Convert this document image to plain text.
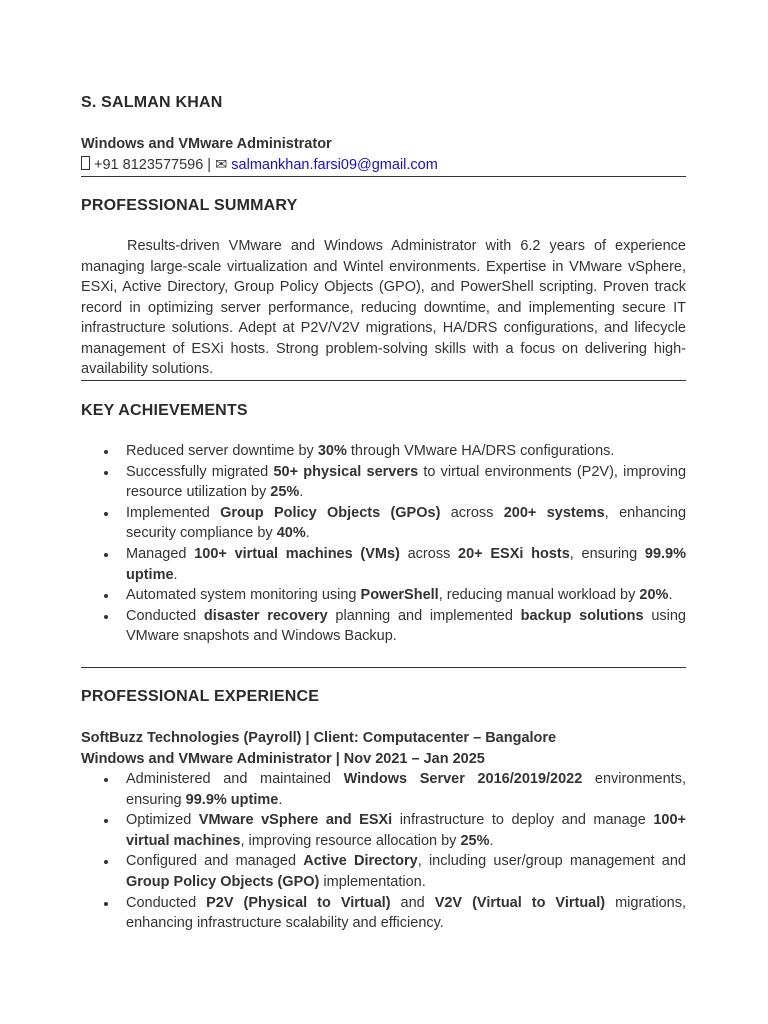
S. SALMAN KHAN
Windows and VMware Administrator
+91 8123577596 | ✉ salmankhan.farsi09@gmail.com
PROFESSIONAL SUMMARY

Results-driven VMware and Windows Administrator with 6.2 years of experience managing large-scale virtualization and Wintel environments. Expertise in VMware vSphere, ESXi, Active Directory, Group Policy Objects (GPO), and PowerShell scripting. Proven track record in optimizing server performance, reducing downtime, and implementing secure IT infrastructure solutions. Adept at P2V/V2V migrations, HA/DRS configurations, and lifecycle management of ESXi hosts. Strong problem-solving skills with a focus on delivering high-availability solutions.

KEY ACHIEVEMENTS
Reduced server downtime by 30% through VMware HA/DRS configurations.
Successfully migrated 50+ physical servers to virtual environments (P2V), improving resource utilization by 25%.
Implemented Group Policy Objects (GPOs) across 200+ systems, enhancing security compliance by 40%.
Managed 100+ virtual machines (VMs) across 20+ ESXi hosts, ensuring 99.9% uptime.
Automated system monitoring using PowerShell, reducing manual workload by 20%.
Conducted disaster recovery planning and implemented backup solutions using VMware snapshots and Windows Backup.
PROFESSIONAL EXPERIENCE
SoftBuzz Technologies (Payroll) | Client: Computacenter – Bangalore
Windows and VMware Administrator | Nov 2021 – Jan 2025
Administered and maintained Windows Server 2016/2019/2022 environments, ensuring 99.9% uptime.
Optimized VMware vSphere and ESXi infrastructure to deploy and manage 100+ virtual machines, improving resource allocation by 25%.
Configured and managed Active Directory, including user/group management and Group Policy Objects (GPO) implementation.
Conducted P2V (Physical to Virtual) and V2V (Virtual to Virtual) migrations, enhancing infrastructure scalability and efficiency.
